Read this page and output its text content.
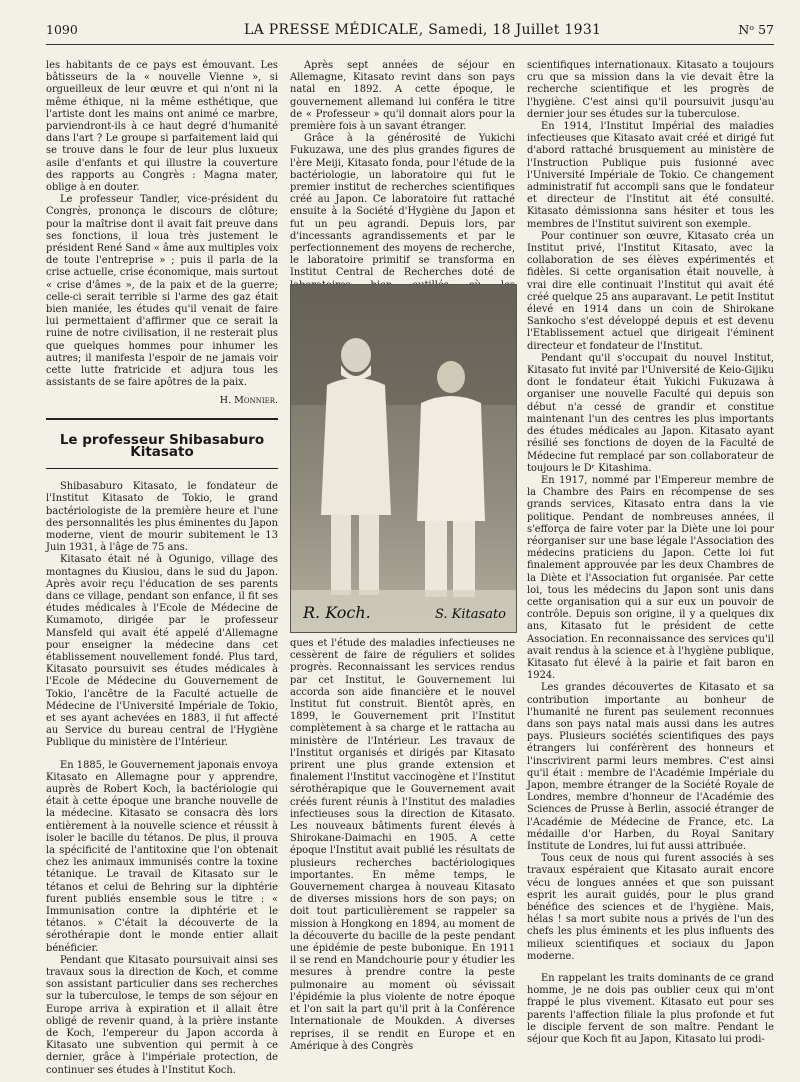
1090	LA PRESSE MÉDICALE, Samedi, 18 Juillet 1931	Nᵒ 57

les habitants de ce pays est émouvant. Les bâtisseurs de la « nouvelle Vienne », si orgueilleux de leur œuvre et qui n'ont ni la même éthique, ni la même esthétique, que l'artiste dont les mains ont animé ce marbre, parviendront-ils à ce haut degré d'humanité dans l'art ? Le groupe si parfaitement laid qui se trouve dans le four de leur plus luxueux asile d'enfants et qui illustre la couverture des rapports au Congrès : Magna mater, oblige à en douter.

Le professeur Tandler, vice-président du Congrès, prononça le discours de clôture; pour la maîtrise dont il avait fait preuve dans ses fonctions, il loua très justement le président René Sand « âme aux multiples voix de toute l'entreprise » ; puis il parla de la crise actuelle, crise économique, mais surtout « crise d'âmes », de la paix et de la guerre; celle-ci serait terrible si l'arme des gaz était bien maniée, les études qu'il venait de faire lui permettaient d'affirmer que ce serait la ruine de notre civilisation, il ne resterait plus que quelques hommes pour inhumer les autres; il manifesta l'espoir de ne jamais voir cette lutte fratricide et adjura tous les assistants de se faire apôtres de la paix.

H. Monnier.
Le professeur Shibasaburo Kitasato

Shibasaburo Kitasato, le fondateur de l'Institut Kitasato de Tokio, le grand bactériologiste de la première heure et l'une des personnalités les plus éminentes du Japon moderne, vient de mourir subitement le 13 Juin 1931, à l'âge de 75 ans.

Kitasato était né à Ogunigo, village des montagnes du Kiusiou, dans le sud du Japon. Après avoir reçu l'éducation de ses parents dans ce village, pendant son enfance, il fit ses études médicales à l'Ecole de Médecine de Kumamoto, dirigée par le professeur Mansfeld qui avait été appelé d'Allemagne pour enseigner la médecine dans cet établissement nouvellement fondé. Plus tard, Kitasato poursuivit ses études médicales à l'Ecole de Médecine du Gouvernement de Tokio, l'ancêtre de la Faculté actuelle de Médecine de l'Université Impériale de Tokio, et ses ayant achevées en 1883, il fut affecté au Service du bureau central de l'Hygiène Publique du ministère de l'Intérieur.

En 1885, le Gouvernement japonais envoya Kitasato en Allemagne pour y apprendre, auprès de Robert Koch, la bactériologie qui était à cette époque une branche nouvelle de la médecine. Kitasato se consacra dès lors entièrement à la nouvelle science et réussit à isoler le bacille du tétanos. De plus, il prouva la spécificité de l'antitoxine que l'on obtenait chez les animaux immunisés contre la toxine tétanique. Le travail de Kitasato sur le tétanos et celui de Behring sur la diphtérie furent publiés ensemble sous le titre : « Immunisation contre la diphtérie et le tétanos. » C'était la découverte de la sérothérapie dont le monde entier allait bénéficier.

Pendant que Kitasato poursuivait ainsi ses travaux sous la direction de Koch, et comme son assistant particulier dans ses recherches sur la tuberculose, le temps de son séjour en Europe arriva à expiration et il allait être obligé de revenir quand, à la prière instante de Koch, l'empereur du Japon accorda à Kitasato une subvention qui permit à ce dernier, grâce à l'impériale protection, de continuer ses études à l'Institut Koch.

Après sept années de séjour en Allemagne, Kitasato revint dans son pays natal en 1892. A cette époque, le gouvernement allemand lui conféra le titre de « Professeur » qu'il donnait alors pour la première fois à un savant étranger.

Grâce à la générosité de Yukichi Fukuzawa, une des plus grandes figures de l'ère Meiji, Kitasato fonda, pour l'étude de la bactériologie, un laboratoire qui fut le premier institut de recherches scientifiques créé au Japon. Ce laboratoire fut rattaché ensuite à la Société d'Hygiène du Japon et fut un peu agrandi. Depuis lors, par d'incessants agrandissements et par le perfectionnement des moyens de recherche, le laboratoire primitif se transforma en Institut Central de Recherches doté de

R. Koch.	S. Kitasato

ques et l'étude des maladies infectieuses ne cessèrent de faire de réguliers et solides progrès. Reconnaissant les services rendus par cet Institut, le Gouvernement lui accorda son aide financière et le nouvel Institut fut construit. Bientôt après, en 1899, le Gouvernement prit l'Institut complètement à sa charge et le rattacha au ministère de l'Intérieur. Les travaux de l'Institut organisés et dirigés par Kitasato prirent une plus grande extension et finalement l'Institut vaccinogène et l'Institut sérothérapique que le Gouvernement avait créés furent réunis à l'Institut des maladies infectieuses sous la direction de Kitasato. Les nouveaux bâtiments furent élevés à Shirokane-Daimachi en 1905. A cette époque l'Institut avait publié les résultats de plusieurs recherches bactériologiques importantes. En même temps, le Gouvernement chargea à nouveau Kitasato de diverses missions hors de son pays; on doit tout particulièrement se rappeler sa mission à Hongkong en 1894, au moment de la découverte du bacille de la peste pendant une épidémie de peste bubonique. En 1911 il se rend en Mandchourie pour y étudier les mesures à prendre contre la peste pulmonaire au moment où sévissait l'épidémie la plus violente de notre époque et l'on sait la part qu'il prit à la Conférence Internationale de Moukden. A diverses reprises, il se rendit en Europe et en Amérique à des Congrès

scientifiques internationaux. Kitasato a toujours cru que sa mission dans la vie devait être la recherche scientifique et les progrès de l'hygiène. C'est ainsi qu'il poursuivit jusqu'au dernier jour ses études sur la tuberculose.

En 1914, l'Institut Impérial des maladies infectieuses que Kitasato avait créé et dirigé fut d'abord rattaché brusquement au ministère de l'Instruction Publique puis fusionné avec l'Université Impériale de Tokio. Ce changement administratif fut accompli sans que le fondateur et directeur de l'Institut ait été consulté. Kitasato démissionna sans hésiter et tous les membres de l'Institut suivirent son exemple.

Pour continuer son œuvre, Kitasato créa un Institut privé, l'Institut Kitasato, avec la collaboration de ses élèves expérimentés et fidèles. Si cette organisation était nouvelle, à vrai dire elle continuait l'Institut qui avait été créé quelque 25 ans auparavant. Le petit Institut élevé en 1914 dans un coin de Shirokane Sankocho s'est développé depuis et est devenu l'Etablissement actuel que dirigeait l'éminent directeur et fondateur de l'Institut.

Pendant qu'il s'occupait du nouvel Institut, Kitasato fut invité par l'Université de Keio-Gijiku dont le fondateur était Yukichi Fukuzawa à organiser une nouvelle Faculté qui depuis son début n'a cessé de grandir et constitue maintenant l'un des centres les plus importants des études médicales au Japon. Kitasato ayant résilié ses fonctions de doyen de la Faculté de Médecine fut remplacé par son collaborateur de toujours le Dʳ Kitashima.

En 1917, nommé par l'Empereur membre de la Chambre des Pairs en récompense de ses grands services, Kitasato entra dans la vie politique. Pendant de nombreuses années, il s'efforça de faire voter par la Diète une loi pour réorganiser sur une base légale l'Association des médecins praticiens du Japon. Cette loi fut finalement approuvée par les deux Chambres de la Diète et l'Association fut organisée. Par cette loi, tous les médecins du Japon sont unis dans cette organisation qui a sur eux un pouvoir de contrôle. Depuis son origine, il y a quelques dix ans, Kitasato fut le président de cette Association. En reconnaissance des services qu'il avait rendus à la science et à l'hygiène publique, Kitasato fut élevé à la pairie et fait baron en 1924.

Les grandes découvertes de Kitasato et sa contribution importante au bonheur de l'humanité ne furent pas seulement reconnues dans son pays natal mais aussi dans les autres pays. Plusieurs sociétés scientifiques des pays étrangers lui conférèrent des honneurs et l'inscrivirent parmi leurs membres. C'est ainsi qu'il était : membre de l'Académie Impériale du Japon, membre étranger de la Société Royale de Londres, membre d'honneur de l'Académie des Sciences de Prusse à Berlin, associé étranger de l'Académie de Médecine de France, etc. La médaille d'or Harben, du Royal Sanitary Institute de Londres, lui fut aussi attribuée.

Tous ceux de nous qui furent associés à ses travaux espéraient que Kitasato aurait encore vécu de longues années et que son puissant esprit les aurait guidés, pour le plus grand bénéfice des sciences et de l'hygiène. Mais, hélas ! sa mort subite nous a privés de l'un des chefs les plus éminents et les plus influents des milieux scientifiques et sociaux du Japon moderne.

En rappelant les traits dominants de ce grand homme, je ne dois pas oublier ceux qui m'ont frappé le plus vivement. Kitasato eut pour ses parents l'affection filiale la plus profonde et fut le disciple fervent de son maître. Pendant le séjour que Koch fit au Japon, Kitasato lui prodi-
